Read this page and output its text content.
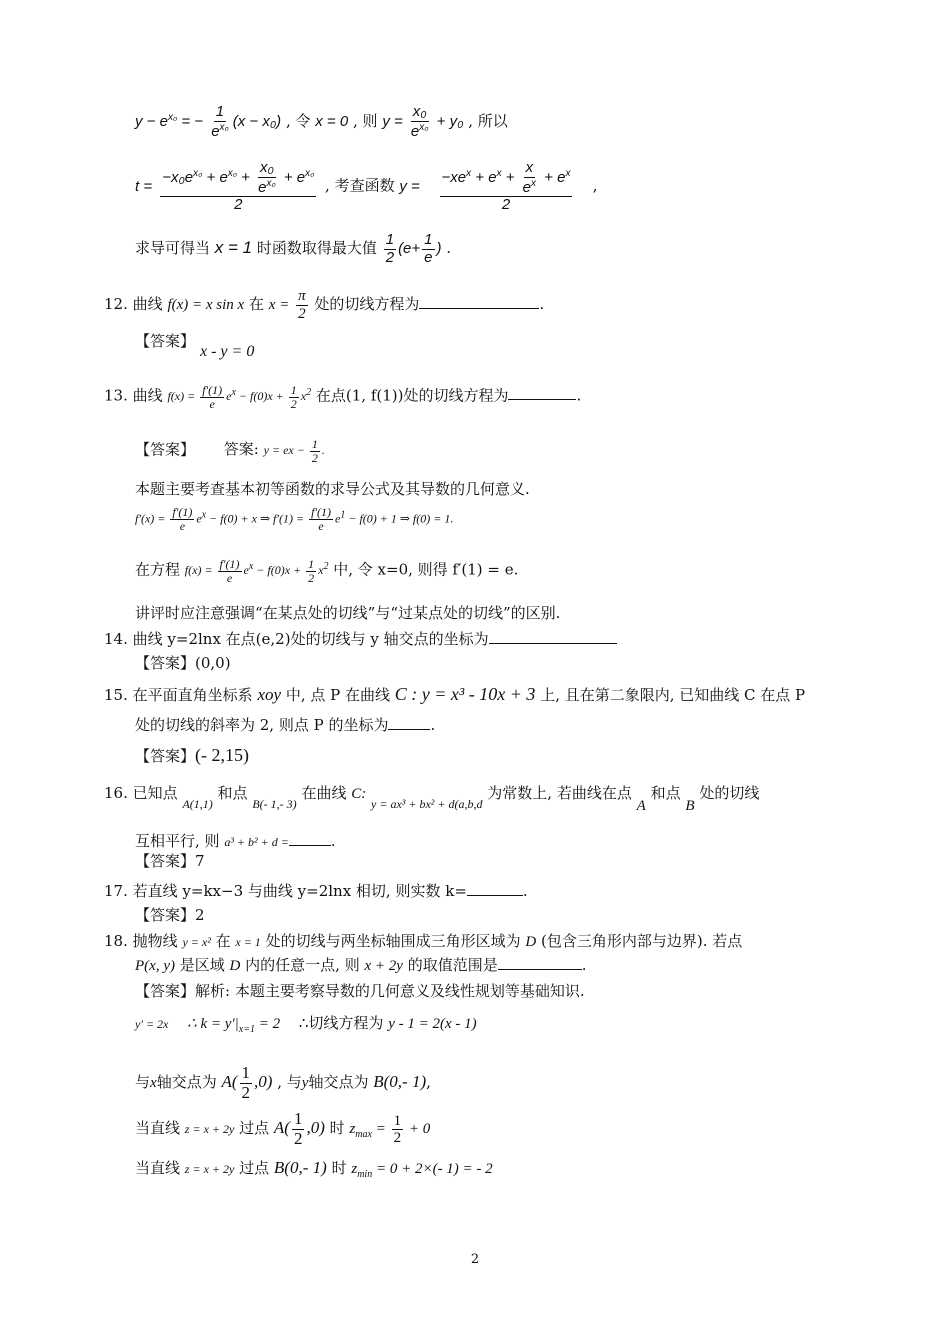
$y - e^{x_0}$ = − $\frac{1}{e^{x_0}} (x - x_0)$ , 令 x = 0 , 则 $y = \frac{\text{x₀}}{e^{x_0}} + y_0$ , 所以
$t = \frac{-x_0e^{x_0} + e^{x_0} + \frac{\text{x₀}}{e^{x_0}} + e^{x_0}}{2}$ , 考查函数 $y = \frac{-xe^x + e^x + \frac{x}{e^x} + e^x}{2}$ ,
求导可得当 x = 1 时函数取得最大值 $\frac{1}{2} (e+ \frac{1}{e}$ ) .
12. 曲线 f(x) = x sin x 在 $x = \frac{\pi}{2}$ 处的切线方程为	.
【答案】
x - y = 0
13. 曲线 $f(x) = \frac{f'(1)}{e} e^x - f(0)x + \frac{1}{2} x^2$ 在点(1, f(1))处的切线方程为	.
【答案】 答案: y = ex − $\frac{1}{2}$ .
本题主要考查基本初等函数的求导公式及其导数的几何意义.
$f'(x) = \frac{f'(1)}{e} e^x - f(0) + x$ ⇒ $f'(1) = \frac{f'(1)}{e} e^1 - f(0) + 1$ ⇒ f(0) = 1.
在方程 $f(x) = \frac{f'(1)}{e} e^x - f(0)x + \frac{1}{2} x^2$ 中, 令 x=0, 则得 f′(1) = e.
讲评时应注意强调“在某点处的切线”与“过某点处的切线”的区别.
14. 曲线 y=2lnx 在点(e,2)处的切线与 y 轴交点的坐标为
【答案】(0,0)
15. 在平面直角坐标系 xoy 中, 点 P 在曲线 C : y = x³ - 10x + 3 上, 且在第二象限内, 已知曲线 C 在点 P
处的切线的斜率为 2, 则点 P 的坐标为	.
【答案】(- 2,15)
16. 已知点 $_{A(1,1)}$ 和点 $_{B(- 1,- 3)}$ 在曲线 C: $_{y = ax^3 + bx^2 + d(a,b,d}$ 为常数上, 若曲线在点 A 和点 B 处的切线
互相平行, 则 a³ + b² + d =	.
【答案】7
17. 若直线 y=kx−3 与曲线 y=2lnx 相切, 则实数 k=	.
【答案】2
18. 抛物线 y = x² 在 x = 1 处的切线与两坐标轴围成三角形区域为 D (包含三角形内部与边界). 若点
P(x, y) 是区域 D 内的任意一点, 则 x + 2y 的取值范围是	.
【答案】解析: 本题主要考察导数的几何意义及线性规划等基础知识.
y′ = 2x ∴ $k = y'|_{x=1} = 2$ ∴切线方程为 y - 1 = 2(x - 1)
与x轴交点为 $A( \frac{1}{2} ,0)$ , 与y轴交点为 B(0,- 1),
当直线 z = x + 2y 过点 $A( \frac{1}{2} ,0)$ 时 $z_{max} = \frac{1}{2} + 0$
当直线 z = x + 2y 过点 B(0,- 1) 时 $z_{min} = 0 + 2\times(-$ 1) = - 2
2
